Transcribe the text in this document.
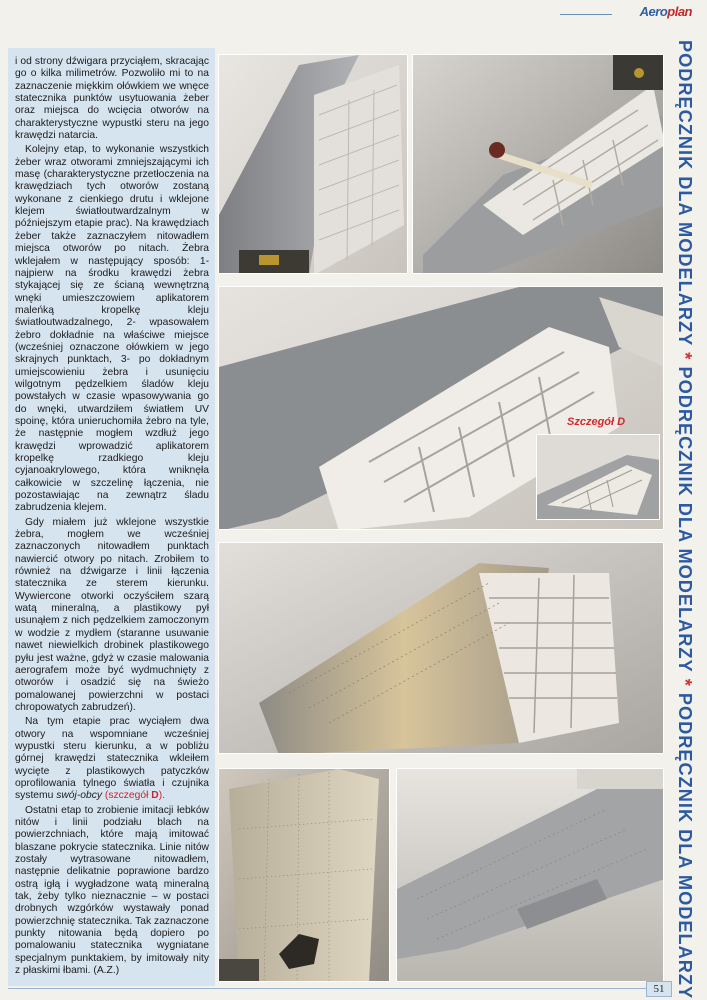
Aeroplan

i od strony dźwigara przyciąłem, skracając go o kilka milimetrów. Pozwoliło mi to na zaznaczenie miękkim ołówkiem we wnęce statecznika punktów usytuowania żeber oraz miejsca do wcięcia otworów na charakterystyczne wypustki steru na jego krawędzi natarcia.

Kolejny etap, to wykonanie wszystkich żeber wraz otworami zmniejszającymi ich masę (charakterystyczne przetłoczenia na krawędziach tych otworów zostaną wykonane z cienkiego drutu i wklejone klejem światłoutwardzalnym w późniejszym etapie prac). Na krawędziach żeber także zaznaczyłem nitowadłem miejsca otworów po nitach. Żebra wklejałem w następujący sposób: 1- najpierw na środku krawędzi żebra stykającej się ze ścianą wewnętrzną wnęki umieszczowiem aplikatorem maleńką kropelkę kleju światłoutwadzalnego, 2- wpasowałem żebro dokładnie na właściwe miejsce (wcześniej oznaczone ołówkiem w jego skrajnych punktach, 3- po dokładnym umiejscowieniu żebra i usunięciu wilgotnym pędzelkiem śladów kleju powstałych w czasie wpasowywania go do wnęki, utwardziłem światłem UV spoinę, która unieruchomiła żebro na tyle, że następnie mogłem wzdłuż jego krawędzi wprowadzić aplikatorem kropelkę rzadkiego kleju cyjanoakrylowego, która wniknęła całkowicie w szczelinę łączenia, nie pozostawiając na zewnątrz śladu zabrudzenia klejem.

Gdy miałem już wklejone wszystkie żebra, mogłem we wcześniej zaznaczonych nitowadłem punktach nawiercić otwory po nitach. Zrobiłem to również na dźwigarze i linii łączenia statecznika ze sterem kierunku. Wywiercone otworki oczyściłem szarą watą mineralną, a plastikowy pył usunąłem z nich pędzelkiem zamoczonym w wodzie z mydłem (staranne usuwanie nawet niewielkich drobinek plastikowego pyłu jest ważne, gdyż w czasie malowania aerografem może być wydmuchnięty z otworów i osadzić się na świeżo pomalowanej powierzchni w postaci chropowatych zabrudzeń).

Na tym etapie prac wyciąłem dwa otwory na wspomniane wcześniej wypustki steru kierunku, a w pobliżu górnej krawędzi statecznika wkleiłem wycięte z plastikowych patyczków oprofilowania tylnego światła i czujnika systemu swój-obcy (szczegół D).

Ostatni etap to zrobienie imitacji łebków nitów i linii podziału blach na powierzchniach, które mają imitować blaszane pokrycie statecznika. Linie nitów zostały wytrasowane nitowadłem, następnie delikatnie poprawione bardzo ostrą igłą i wygładzone watą mineralną tak, żeby tylko nieznacznie – w postaci drobnych wzgórków wystawały ponad powierzchnię statecznika. Tak zaznaczone punkty nitowania będą dopiero po pomalowaniu statecznika wygniatane specjalnym punktakiem, by imitowały nity z płaskimi łbami. (A.Z.)

Szczegół D
PODRĘCZNIK DLA MODELARZY * PODRĘCZNIK DLA MODELARZY * PODRĘCZNIK DLA MODELARZY
51
